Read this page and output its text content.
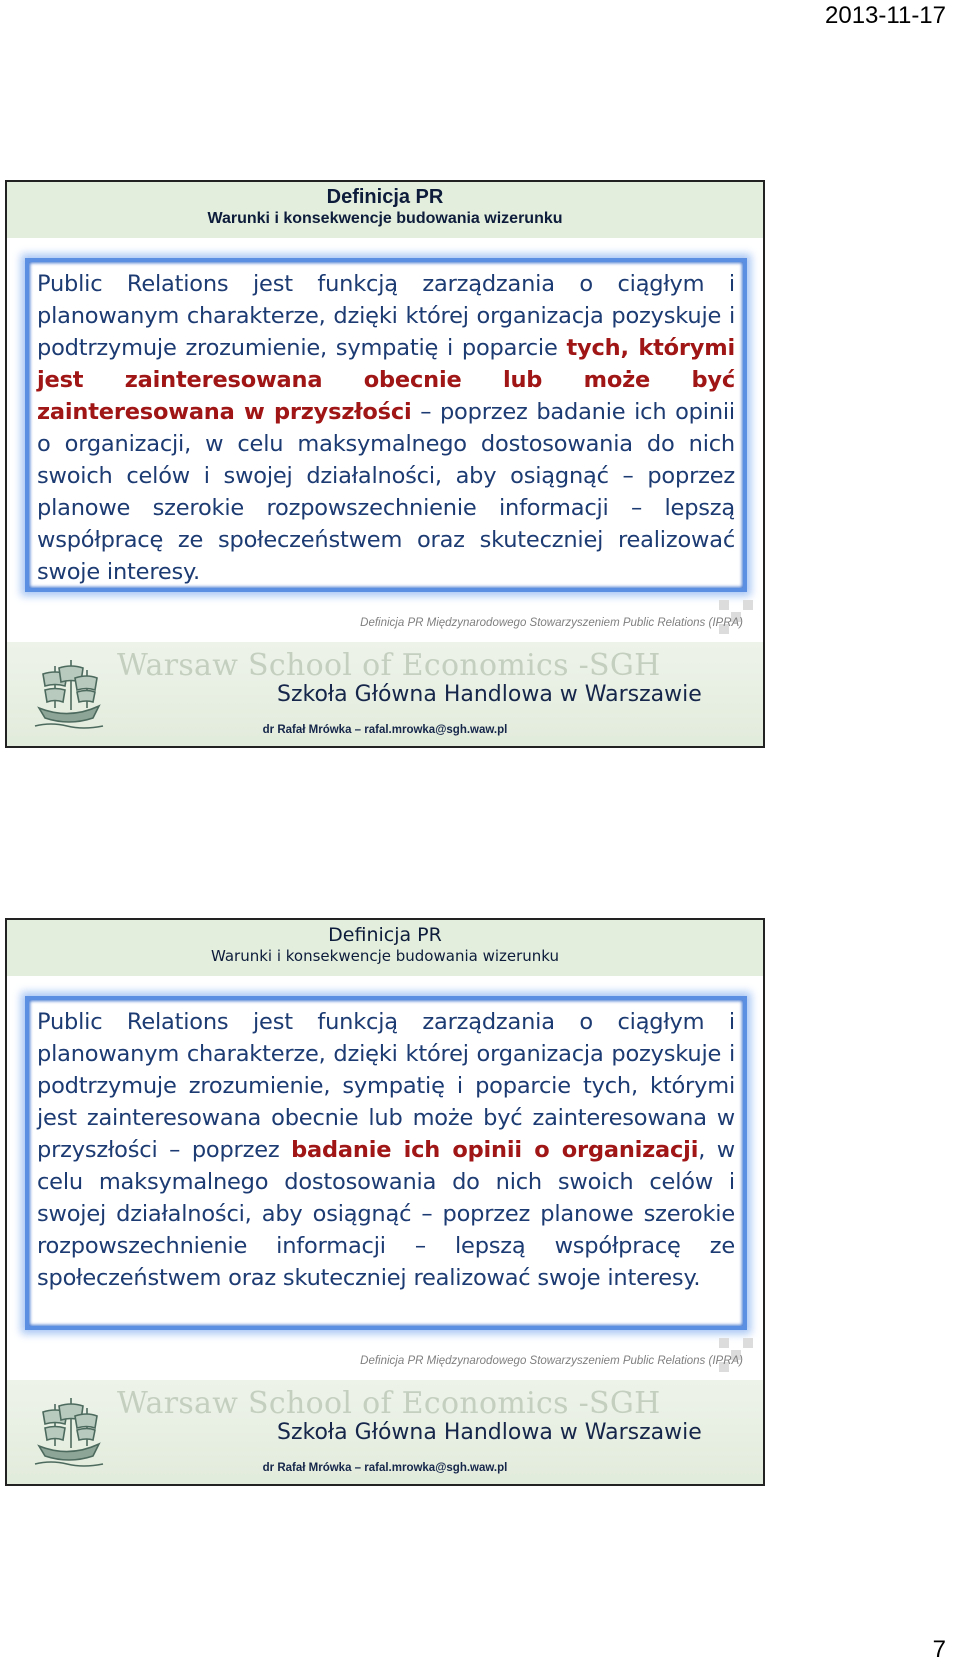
2013-11-17
Definicja PR
Warunki i konsekwencje budowania wizerunku

Public Relations jest funkcją zarządzania o ciągłym i planowanym charakterze, dzięki której organizacja pozyskuje i podtrzymuje zrozumienie, sympatię i poparcie tych, którymi jest zainteresowana obecnie lub może być zainteresowana w przyszłości – poprzez badanie ich opinii o organizacji, w celu maksymalnego dostosowania do nich swoich celów i swojej działalności, aby osiągnąć – poprzez planowe szerokie rozpowszechnienie informacji – lepszą współpracę ze społeczeństwem oraz skuteczniej realizować swoje interesy.

Definicja PR Międzynarodowego Stowarzyszeniem Public Relations (IPRA)
Warsaw School of Economics -SGH
Szkoła Główna Handlowa w Warszawie
dr Rafał Mrówka – rafal.mrowka@sgh.waw.pl
Definicja PR
Warunki i konsekwencje budowania wizerunku

Public Relations jest funkcją zarządzania o ciągłym i planowanym charakterze, dzięki której organizacja pozyskuje i podtrzymuje zrozumienie, sympatię i poparcie tych, którymi jest zainteresowana obecnie lub może być zainteresowana w przyszłości – poprzez badanie ich opinii o organizacji, w celu maksymalnego dostosowania do nich swoich celów i swojej działalności, aby osiągnąć – poprzez planowe szerokie rozpowszechnienie informacji – lepszą współpracę ze społeczeństwem oraz skuteczniej realizować swoje interesy.

Definicja PR Międzynarodowego Stowarzyszeniem Public Relations (IPRA)
Warsaw School of Economics -SGH
Szkoła Główna Handlowa w Warszawie
dr Rafał Mrówka – rafal.mrowka@sgh.waw.pl
7
